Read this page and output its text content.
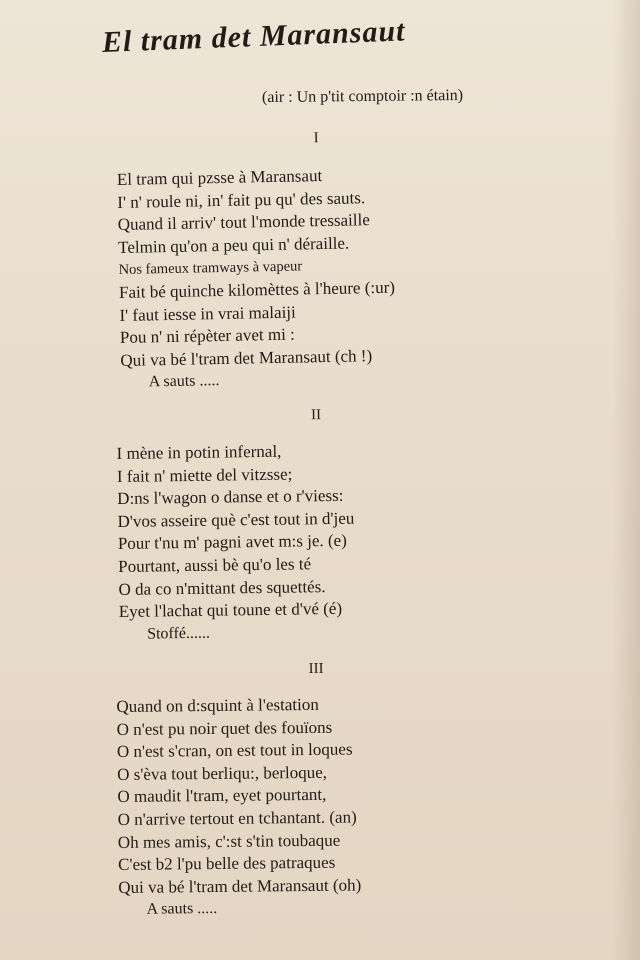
El tram det Maransaut
(air : Un p'tit comptoir :n étain)
I
El tram qui pzsse à Maransaut
I' n' roule ni, in' fait pu qu' des sauts.
Quand il arriv' tout l'monde tressaille
Telmin qu'on a peu qui n' déraille.
Nos fameux tramways à vapeur
Fait bé quinche kilomèttes à l'heure (:ur)
I' faut iesse in vrai malaiji
Pou n' ni répèter avet mi :
Qui va bé l'tram det Maransaut (ch !)
A sauts .....
II
I mène in potin infernal,
I fait n' miette del vitzsse;
D:ns l'wagon o danse et o r'viess:
D'vos asseire què c'est tout in d'jeu
Pour t'nu m' pagni avet m:s je. (e)
Pourtant, aussi bè qu'o les té
O da co n'mittant des squettés.
Eyet l'lachat qui toune et d'vé (é)
Stoffé......
III
Quand on d:squint à l'estation
O n'est pu noir quet des fouïons
O n'est s'cran, on est tout in loques
O s'èva tout berliqu:, berloque,
O maudit l'tram, eyet pourtant,
O n'arrive tertout en tchantant. (an)
Oh mes amis, c':st s'tin toubaque
C'est b2 l'pu belle des patraques
Qui va bé l'tram det Maransaut (oh)
A sauts .....
